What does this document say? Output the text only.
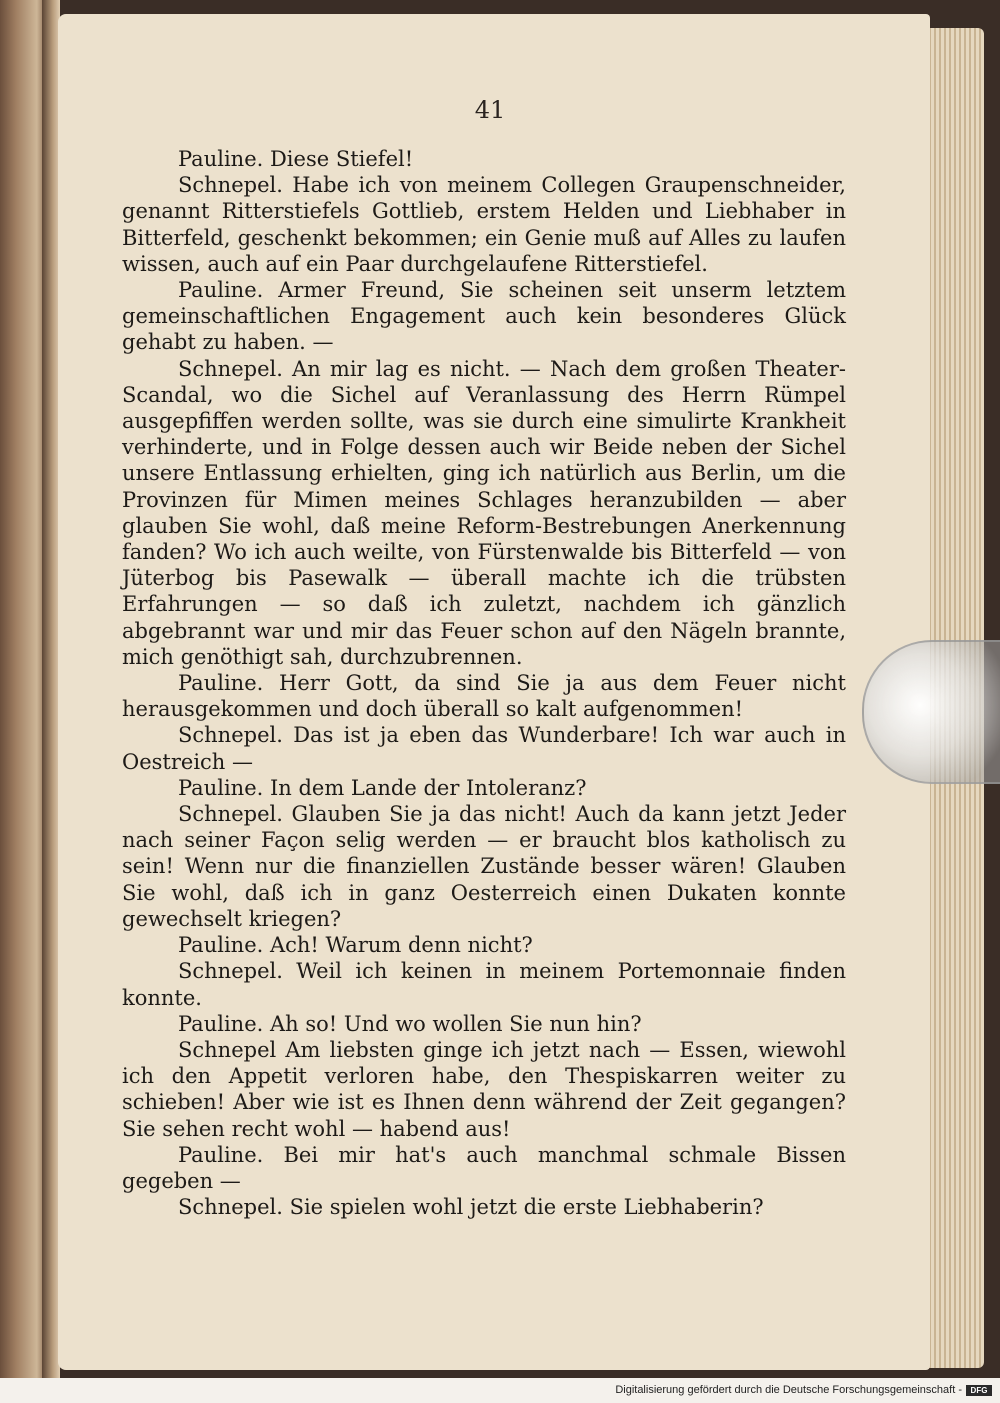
41

Pauline. Diese Stiefel!

Schnepel. Habe ich von meinem Collegen Graupenschneider, genannt Ritterstiefels Gottlieb, erstem Helden und Liebhaber in Bitterfeld, geschenkt bekommen; ein Genie muß auf Alles zu laufen wissen, auch auf ein Paar durchgelaufene Ritterstiefel.

Pauline. Armer Freund, Sie scheinen seit unserm letztem gemeinschaftlichen Engagement auch kein besonderes Glück gehabt zu haben. —

Schnepel. An mir lag es nicht. — Nach dem großen Theater-Scandal, wo die Sichel auf Veranlassung des Herrn Rümpel ausgepfiffen werden sollte, was sie durch eine simulirte Krankheit verhinderte, und in Folge dessen auch wir Beide neben der Sichel unsere Entlassung erhielten, ging ich natürlich aus Berlin, um die Provinzen für Mimen meines Schlages heranzubilden — aber glauben Sie wohl, daß meine Reform-Bestrebungen Anerkennung fanden? Wo ich auch weilte, von Fürstenwalde bis Bitterfeld — von Jüterbog bis Pasewalk — überall machte ich die trübsten Erfahrungen — so daß ich zuletzt, nachdem ich gänzlich abgebrannt war und mir das Feuer schon auf den Nägeln brannte, mich genöthigt sah, durchzubrennen.

Pauline. Herr Gott, da sind Sie ja aus dem Feuer nicht herausgekommen und doch überall so kalt aufgenommen!

Schnepel. Das ist ja eben das Wunderbare! Ich war auch in Oestreich —

Pauline. In dem Lande der Intoleranz?

Schnepel. Glauben Sie ja das nicht! Auch da kann jetzt Jeder nach seiner Façon selig werden — er braucht blos katholisch zu sein! Wenn nur die finanziellen Zustände besser wären! Glauben Sie wohl, daß ich in ganz Oesterreich einen Dukaten konnte gewechselt kriegen?

Pauline. Ach! Warum denn nicht?

Schnepel. Weil ich keinen in meinem Portemonnaie finden konnte.

Pauline. Ah so! Und wo wollen Sie nun hin?

Schnepel Am liebsten ginge ich jetzt nach — Essen, wiewohl ich den Appetit verloren habe, den Thespiskarren weiter zu schieben! Aber wie ist es Ihnen denn während der Zeit gegangen? Sie sehen recht wohl — habend aus!

Pauline. Bei mir hat's auch manchmal schmale Bissen gegeben —

Schnepel. Sie spielen wohl jetzt die erste Liebhaberin?

Digitalisierung gefördert durch die Deutsche Forschungsgemeinschaft -	DFG
